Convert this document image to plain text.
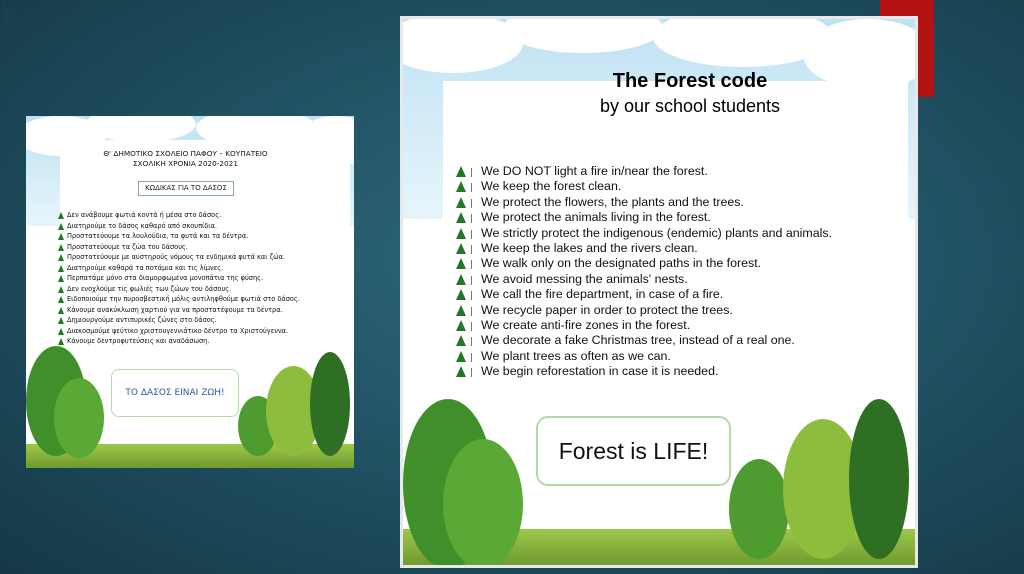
Θ' ΔΗΜΟΤΙΚΟ ΣΧΟΛΕΙΟ ΠΑΦΟΥ – ΚΟΥΠΑΤΕΙΟ
ΣΧΟΛΙΚΗ ΧΡΟΝΙΑ 2020-2021
ΚΩΔΙΚΑΣ ΓΙΑ ΤΟ ΔΑΣΟΣ
Δεν ανάβουμε φωτιά κοντά ή μέσα στο δάσος.
Διατηρούμε το δάσος καθαρό από σκουπίδια.
Προστατεύουμε τα λουλούδια, τα φυτά και τα δέντρα.
Προστατεύουμε τα ζώα του δάσους.
Προστατεύουμε με αυστηρούς νόμους τα ενδημικά φυτά και ζώα.
Διατηρούμε καθαρά τα ποτάμια και τις λίμνες.
Περπατάμε μόνο στα διαμορφωμένα μονοπάτια της φύσης.
Δεν ενοχλούμε τις φωλιές των ζώων του δάσους.
Ειδοποιούμε την πυροσβεστική μόλις αντιληφθούμε φωτιά στο δάσος.
Κάνουμε ανακύκλωση χαρτιού για να προστατέψουμε τα δέντρα.
Δημιουργούμε αντιπυρικές ζώνες στο δάσος.
Διακοσμούμε ψεύτικο χριστουγεννιάτικο δέντρο τα Χριστούγεννα.
Κάνουμε δεντροφυτεύσεις και αναδάσωση.
ΤΟ ΔΑΣΟΣ ΕΙΝΑΙ ΖΩΗ!
The Forest code
by our school students
We DO NOT light a fire in/near the forest.
We keep the forest clean.
We protect the flowers, the plants and the trees.
We protect the animals living in the forest.
We strictly protect the indigenous (endemic) plants and animals.
We keep the lakes and the rivers clean.
We walk only on the designated paths in the forest.
We avoid messing the animals' nests.
We call the fire department, in case of a fire.
We recycle paper in order to protect the trees.
We create anti-fire zones in the forest.
We decorate a fake Christmas tree, instead of a real one.
We plant trees as often as we can.
We begin reforestation in case it is needed.
Forest is LIFE!
